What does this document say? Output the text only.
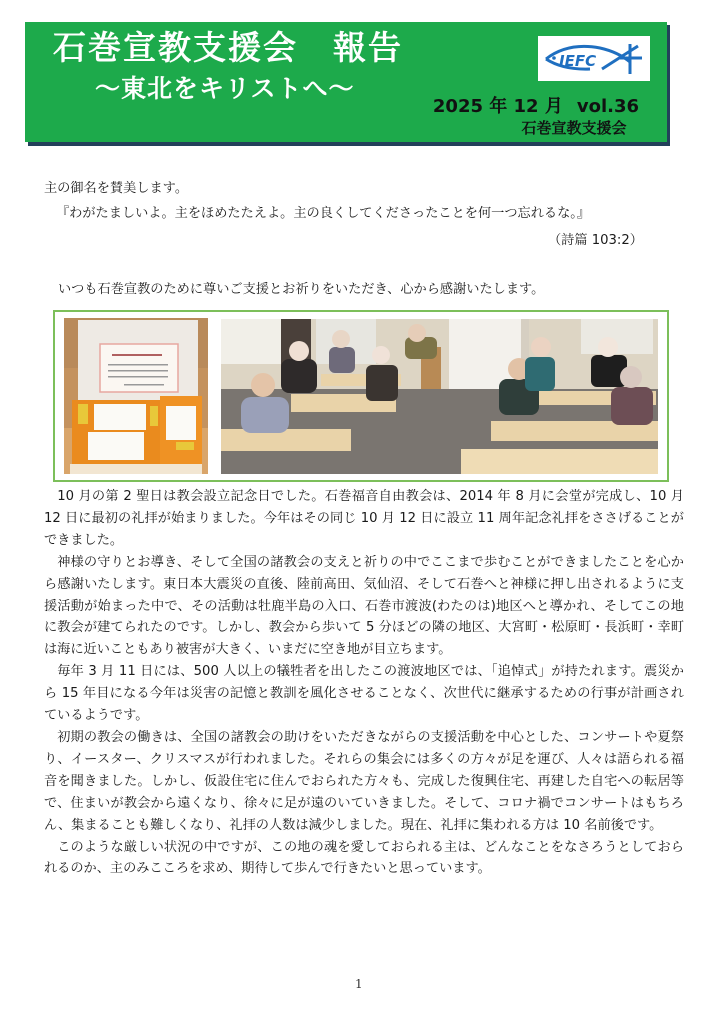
石巻宣教支援会　報告
～東北をキリストへ～
IEFC
2025 年 12 月 vol.36
石巻宣教支援会
主の御名を賛美します。
『わがたましいよ。主をほめたたえよ。主の良くしてくださったことを何一つ忘れるな。』
（詩篇 103:2）
いつも石巻宣教のために尊いご支援とお祈りをいただき、心から感謝いたします。

10 月の第 2 聖日は教会設立記念日でした。石巻福音自由教会は、2014 年 8 月に会堂が完成し、10 月 12 日に最初の礼拝が始まりました。今年はその同じ 10 月 12 日に設立 11 周年記念礼拝をささげることができました。

神様の守りとお導き、そして全国の諸教会の支えと祈りの中でここまで歩むことができましたことを心から感謝いたします。東日本大震災の直後、陸前高田、気仙沼、そして石巻へと神様に押し出されるように支援活動が始まった中で、その活動は牡鹿半島の入口、石巻市渡波(わたのは)地区へと導かれ、そしてこの地に教会が建てられたのです。しかし、教会から歩いて 5 分ほどの隣の地区、大宮町・松原町・長浜町・幸町は海に近いこともあり被害が大きく、いまだに空き地が目立ちます。

毎年 3 月 11 日には、500 人以上の犠牲者を出したこの渡波地区では、「追悼式」が持たれます。震災から 15 年目になる今年は災害の記憶と教訓を風化させることなく、次世代に継承するための行事が計画されているようです。

初期の教会の働きは、全国の諸教会の助けをいただきながらの支援活動を中心とした、コンサートや夏祭り、イースター、クリスマスが行われました。それらの集会には多くの方々が足を運び、人々は語られる福音を聞きました。しかし、仮設住宅に住んでおられた方々も、完成した復興住宅、再建した自宅への転居等で、住まいが教会から遠くなり、徐々に足が遠のいていきました。そして、コロナ禍でコンサートはもちろん、集まることも難しくなり、礼拝の人数は減少しました。現在、礼拝に集われる方は 10 名前後です。

このような厳しい状況の中ですが、この地の魂を愛しておられる主は、どんなことをなさろうとしておられるのか、主のみこころを求め、期待して歩んで行きたいと思っています。

1
